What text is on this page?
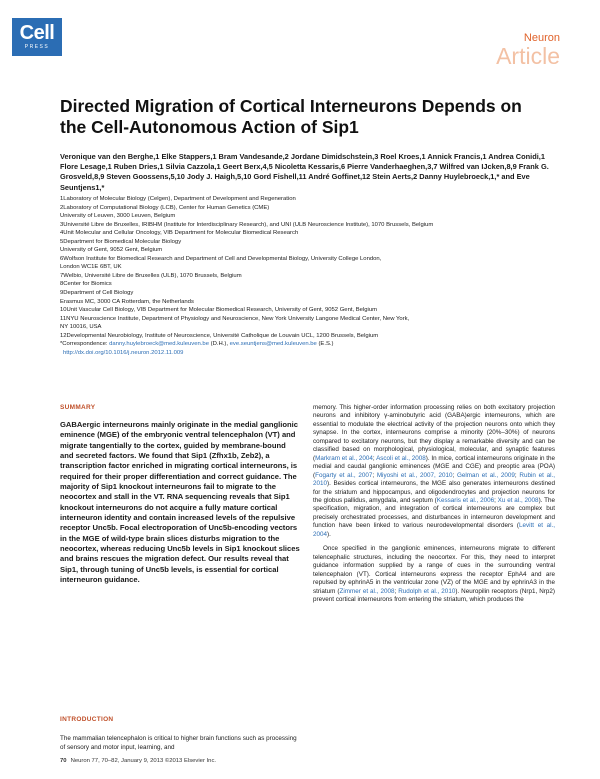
Cell
PRESS
Neuron
Article
Directed Migration of Cortical Interneurons Depends on the Cell-Autonomous Action of Sip1

Veronique van den Berghe,1 Elke Stappers,1 Bram Vandesande,2 Jordane Dimidschstein,3 Roel Kroes,1 Annick Francis,1 Andrea Conidi,1 Flore Lesage,1 Ruben Dries,1 Silvia Cazzola,1 Geert Berx,4,5 Nicoletta Kessaris,6 Pierre Vanderhaeghen,3,7 Wilfred van IJcken,8,9 Frank G. Grosveld,8,9 Steven Goossens,5,10 Jody J. Haigh,5,10 Gord Fishell,11 André Goffinet,12 Stein Aerts,2 Danny Huylebroeck,1,* and Eve Seuntjens1,*

1Laboratory of Molecular Biology (Celgen), Department of Development and Regeneration
2Laboratory of Computational Biology (LCB), Center for Human Genetics (CME)
University of Leuven, 3000 Leuven, Belgium
3Université Libre de Bruxelles, IRIBHM (Institute for Interdisciplinary Research), and UNI (ULB Neuroscience Institute), 1070 Brussels, Belgium
4Unit Molecular and Cellular Oncology, VIB Department for Molecular Biomedical Research
5Department for Biomedical Molecular Biology
University of Gent, 9052 Gent, Belgium
6Wolfson Institute for Biomedical Research and Department of Cell and Developmental Biology, University College London,
London WC1E 6BT, UK
7Welbio, Université Libre de Bruxelles (ULB), 1070 Brussels, Belgium
8Center for Biomics
9Department of Cell Biology
Erasmus MC, 3000 CA Rotterdam, the Netherlands
10Unit Vascular Cell Biology, VIB Department for Molecular Biomedical Research, University of Gent, 9052 Gent, Belgium
11NYU Neuroscience Institute, Department of Physiology and Neuroscience, New York University Langone Medical Center, New York,
NY 10016, USA
12Developmental Neurobiology, Institute of Neuroscience, Université Catholique de Louvain UCL, 1200 Brussels, Belgium
*Correspondence: danny.huylebroeck@med.kuleuven.be (D.H.), eve.seuntjens@med.kuleuven.be (E.S.)
http://dx.doi.org/10.1016/j.neuron.2012.11.009
SUMMARY

GABAergic interneurons mainly originate in the medial ganglionic eminence (MGE) of the embryonic ventral telencephalon (VT) and migrate tangentially to the cortex, guided by membrane-bound and secreted factors. We found that Sip1 (Zfhx1b, Zeb2), a transcription factor enriched in migrating cortical interneurons, is required for their proper differentiation and correct guidance. The majority of Sip1 knockout interneurons fail to migrate to the neocortex and stall in the VT. RNA sequencing reveals that Sip1 knockout interneurons do not acquire a fully mature cortical interneuron identity and contain increased levels of the repulsive receptor Unc5b. Focal electroporation of Unc5b-encoding vectors in the MGE of wild-type brain slices disturbs migration to the neocortex, whereas reducing Unc5b levels in Sip1 knockout slices and brains rescues the migration defect. Our results reveal that Sip1, through tuning of Unc5b levels, is essential for cortical interneuron guidance.

INTRODUCTION

The mammalian telencephalon is critical to higher brain functions such as processing of sensory and motor input, learning, and

memory. This higher-order information processing relies on both excitatory projection neurons and inhibitory γ-aminobutyric acid (GABA)ergic interneurons, which are essential to modulate the electrical activity of the projection neurons onto which they synapse. In the cortex, interneurons comprise a minority (20%–30%) of neurons compared to excitatory neurons, but they display a remarkable diversity and can be classified based on morphological, physiological, molecular, and synaptic features (Markram et al., 2004; Ascoli et al., 2008). In mice, cortical interneurons originate in the medial and caudal ganglionic eminences (MGE and CGE) and preoptic area (POA) (Fogarty et al., 2007; Miyoshi et al., 2007, 2010; Gelman et al., 2009; Rubin et al., 2010). Besides cortical interneurons, the MGE also generates interneurons destined for the striatum and hippocampus, and oligodendrocytes and projection neurons for the globus pallidus, amygdala, and septum (Kessaris et al., 2006; Xu et al., 2008). The specification, migration, and integration of cortical interneurons are complex but precisely orchestrated processes, and disturbances in interneuron development and function have been linked to various neurodevelopmental disorders (Levitt et al., 2004).

Once specified in the ganglionic eminences, interneurons migrate to different telencephalic structures, including the neocortex. For this, they need to interpret guidance information supplied by a range of cues in the surrounding ventral telencephalon (VT). Cortical interneurons express the receptor EphA4 and are repulsed by ephrinA5 in the ventricular zone (VZ) of the MGE and by ephrinA3 in the striatum (Zimmer et al., 2008; Rudolph et al., 2010). Neuropilin receptors (Nrp1, Nrp2) prevent cortical interneurons from entering the striatum, which produces the

70 Neuron 77, 70–82, January 9, 2013 ©2013 Elsevier Inc.
